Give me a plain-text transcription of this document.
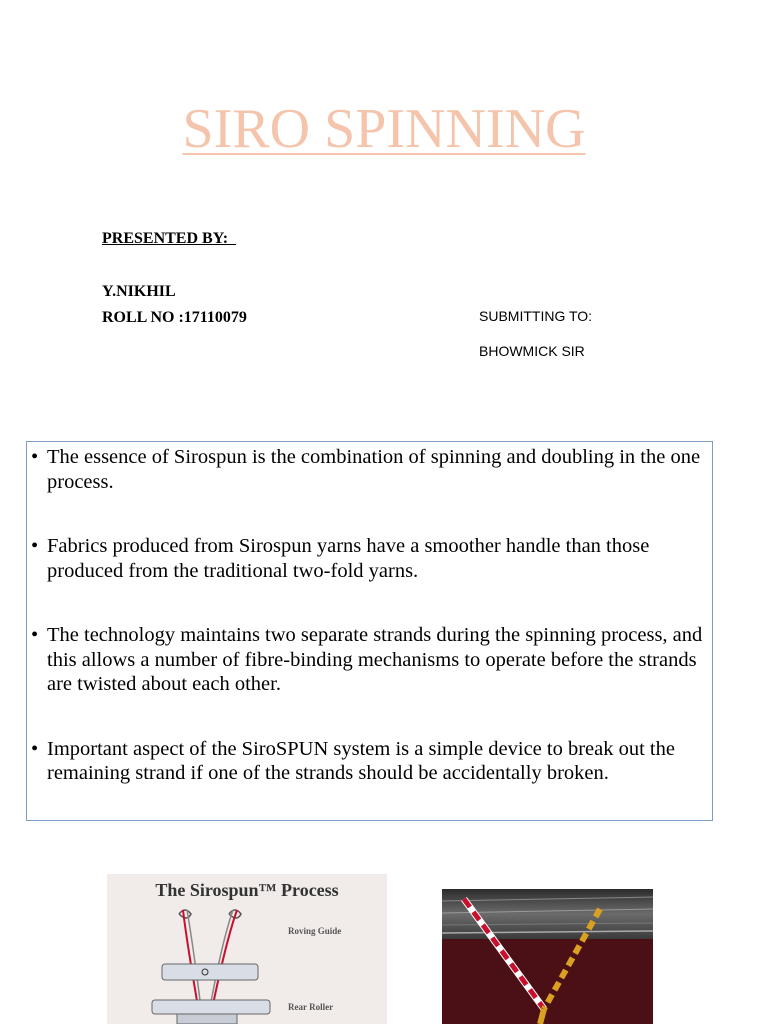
SIRO SPINNING
PRESENTED BY:
Y.NIKHIL
ROLL NO :17110079	SUBMITTING TO:
BHOWMICK SIR
• The essence of Sirospun is the combination of spinning and doubling in the one process.
• Fabrics produced from Sirospun yarns have a smoother handle than those produced from the traditional two-fold yarns.
• The technology maintains two separate strands during the spinning process, and this allows a number of fibre-binding mechanisms to operate before the strands are twisted about each other.
• Important aspect of the SiroSPUN system is a simple device to break out the remaining strand if one of the strands should be accidentally broken.
The Sirospun™ Process
Roving Guide
Rear Roller
